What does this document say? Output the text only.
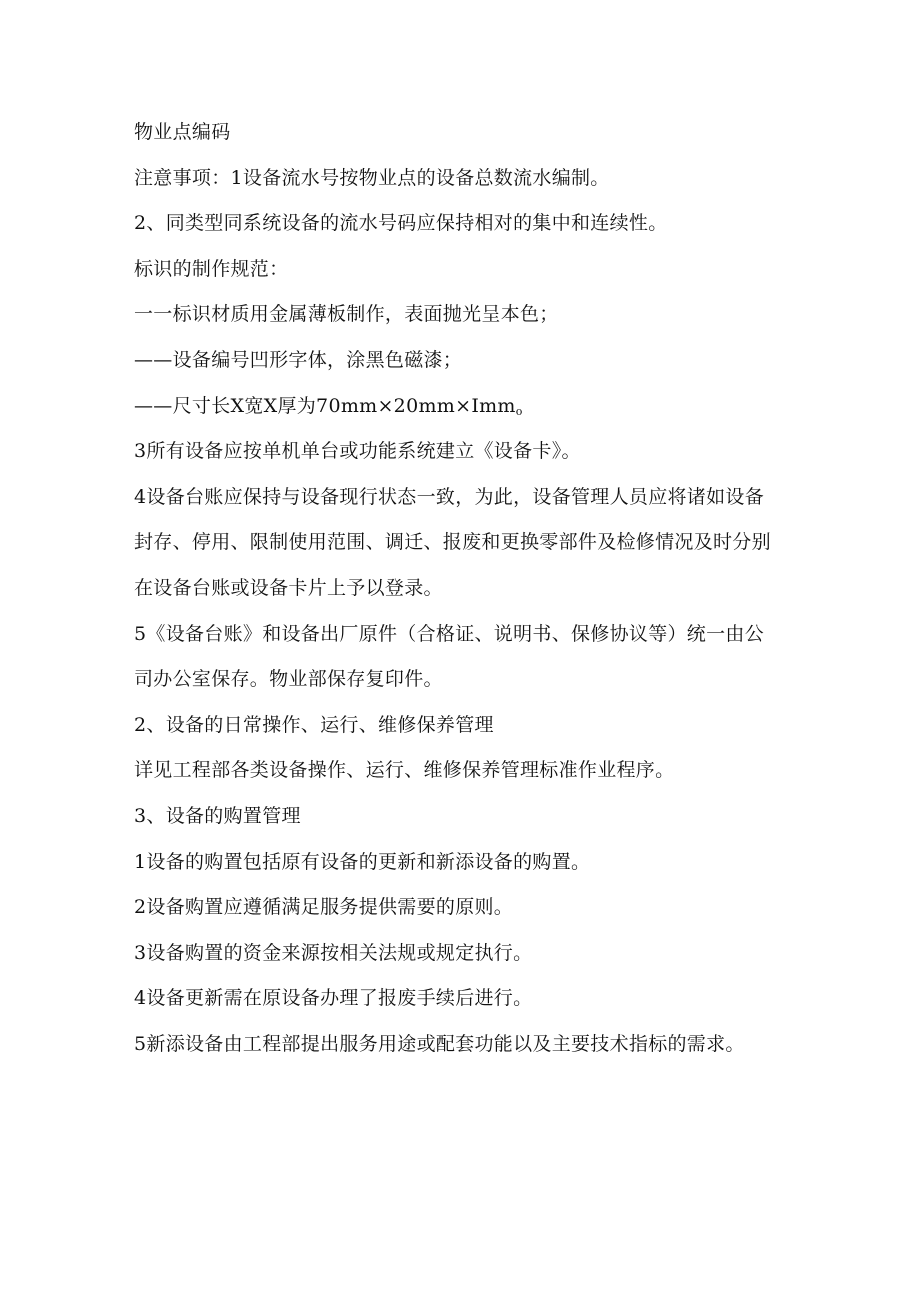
物业点编码

注意事项：1设备流水号按物业点的设备总数流水编制。

2、同类型同系统设备的流水号码应保持相对的集中和连续性。

标识的制作规范：

一一标识材质用金属薄板制作，表面抛光呈本色；

——设备编号凹形字体，涂黑色磁漆；

——尺寸长X宽X厚为70mm×20mm×Imm$_o$

3所有设备应按单机单台或功能系统建立《设备卡》。

4设备台账应保持与设备现行状态一致，为此，设备管理人员应将诸如设备

封存、停用、限制使用范围、调迁、报废和更换零部件及检修情况及时分别

在设备台账或设备卡片上予以登录。

5《设备台账》和设备出厂原件（合格证、说明书、保修协议等）统一由公

司办公室保存。物业部保存复印件。

2、设备的日常操作、运行、维修保养管理

详见工程部各类设备操作、运行、维修保养管理标准作业程序。

3、设备的购置管理

1设备的购置包括原有设备的更新和新添设备的购置。

2设备购置应遵循满足服务提供需要的原则。

3设备购置的资金来源按相关法规或规定执行。

4设备更新需在原设备办理了报废手续后进行。

5新添设备由工程部提出服务用途或配套功能以及主要技术指标的需求。
